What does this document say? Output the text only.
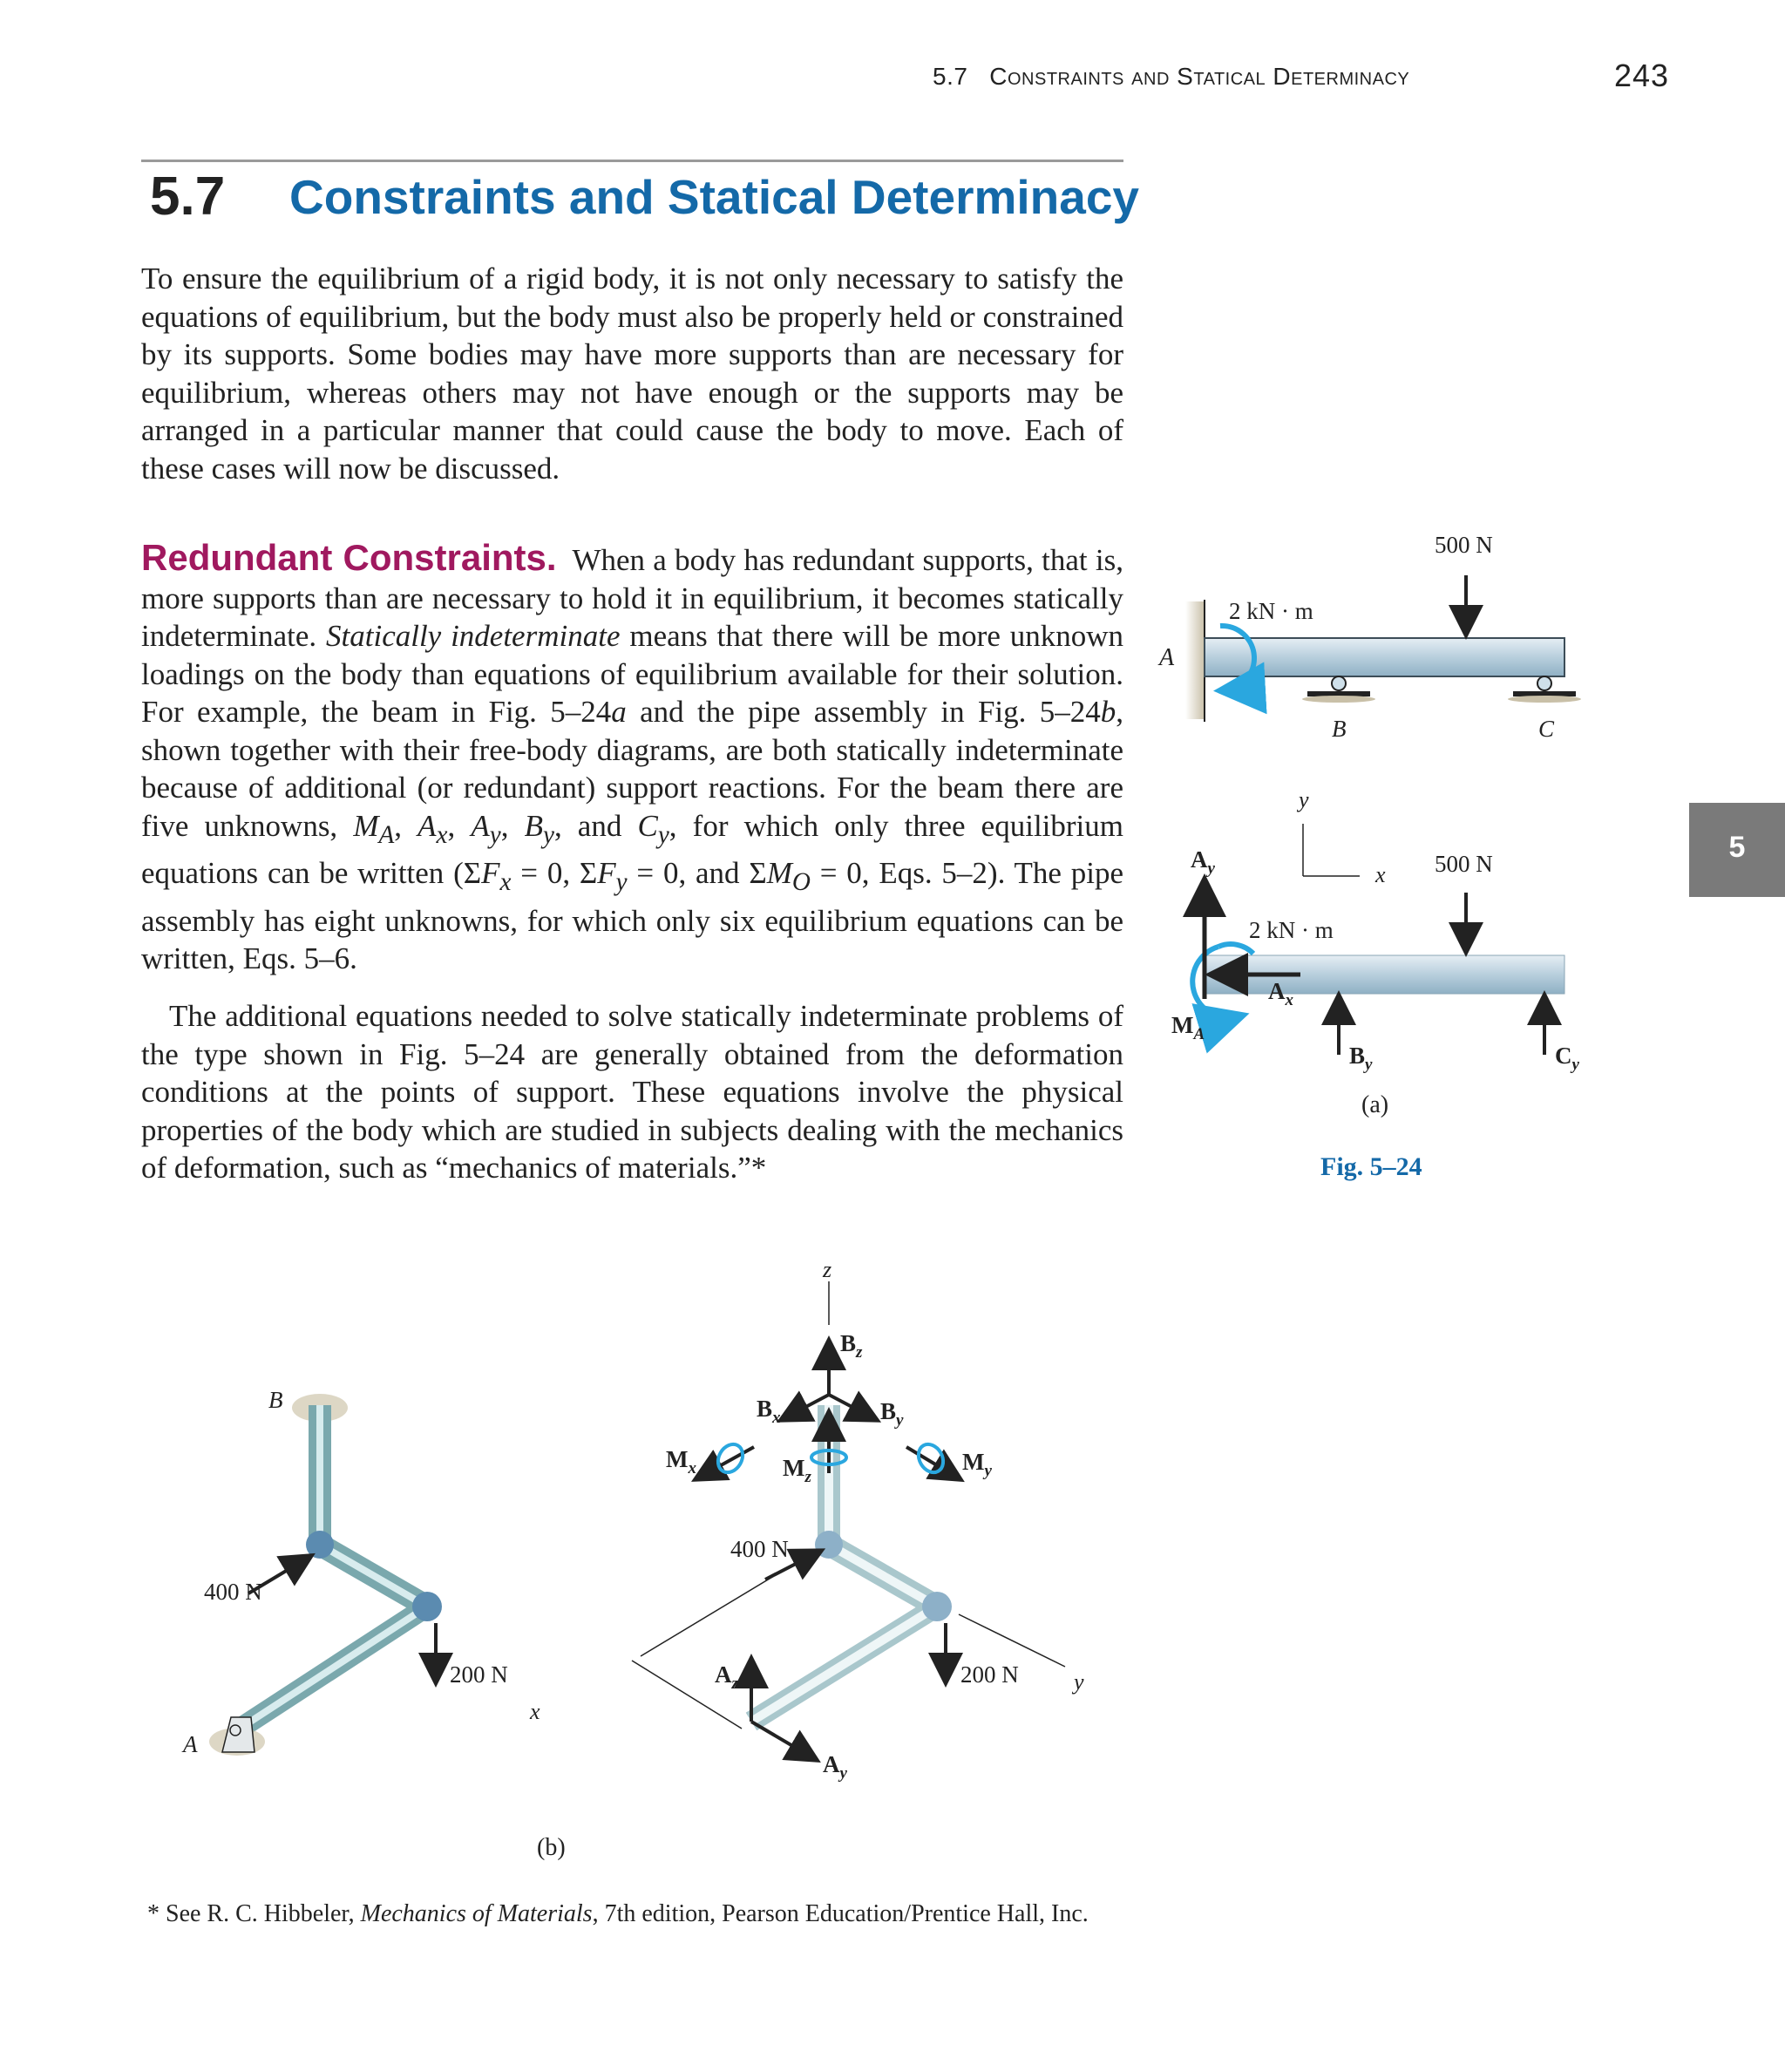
5.7 Constraints and Statical Determinacy	243
5.7 Constraints and Statical Determinacy
To ensure the equilibrium of a rigid body, it is not only necessary to satisfy the equations of equilibrium, but the body must also be properly held or constrained by its supports. Some bodies may have more supports than are necessary for equilibrium, whereas others may not have enough or the supports may be arranged in a particular manner that could cause the body to move. Each of these cases will now be discussed.
Redundant Constraints.  When a body has redundant supports, that is, more supports than are necessary to hold it in equilibrium, it becomes statically indeterminate. Statically indeterminate means that there will be more unknown loadings on the body than equations of equilibrium available for their solution. For example, the beam in Fig. 5–24a and the pipe assembly in Fig. 5–24b, shown together with their free-body diagrams, are both statically indeterminate because of additional (or redundant) support reactions. For the beam there are five unknowns, $M_A$, $A_x$, $A_y$, $B_y$, and $C_y$, for which only three equilibrium equations can be written ($\Sigma F_x = 0$, $\Sigma F_y = 0$, and $\Sigma M_O = 0$, Eqs. 5–2). The pipe assembly has eight unknowns, for which only six equilibrium equations can be written, Eqs. 5–6.
The additional equations needed to solve statically indeterminate problems of the type shown in Fig. 5–24 are generally obtained from the deformation conditions at the points of support. These equations involve the physical properties of the body which are studied in subjects dealing with the mechanics of deformation, such as “mechanics of materials.”*
* See R. C. Hibbeler, Mechanics of Materials, 7th edition, Pearson Education/Prentice Hall, Inc.
5
2 kN · m
500 N
A
B	C
y
x
2 kN · m
500 N
$A_y$
$A_x$
$M_A$
$B_y$	$C_y$
(a)
Fig. 5–24
B
A
400 N
200 N
$B_z$
$B_x$	$B_y$
$M_x$	$M_z$
$M_y$
$A_z$
$A_y$
z
x
y
400 N
200 N
(b)
